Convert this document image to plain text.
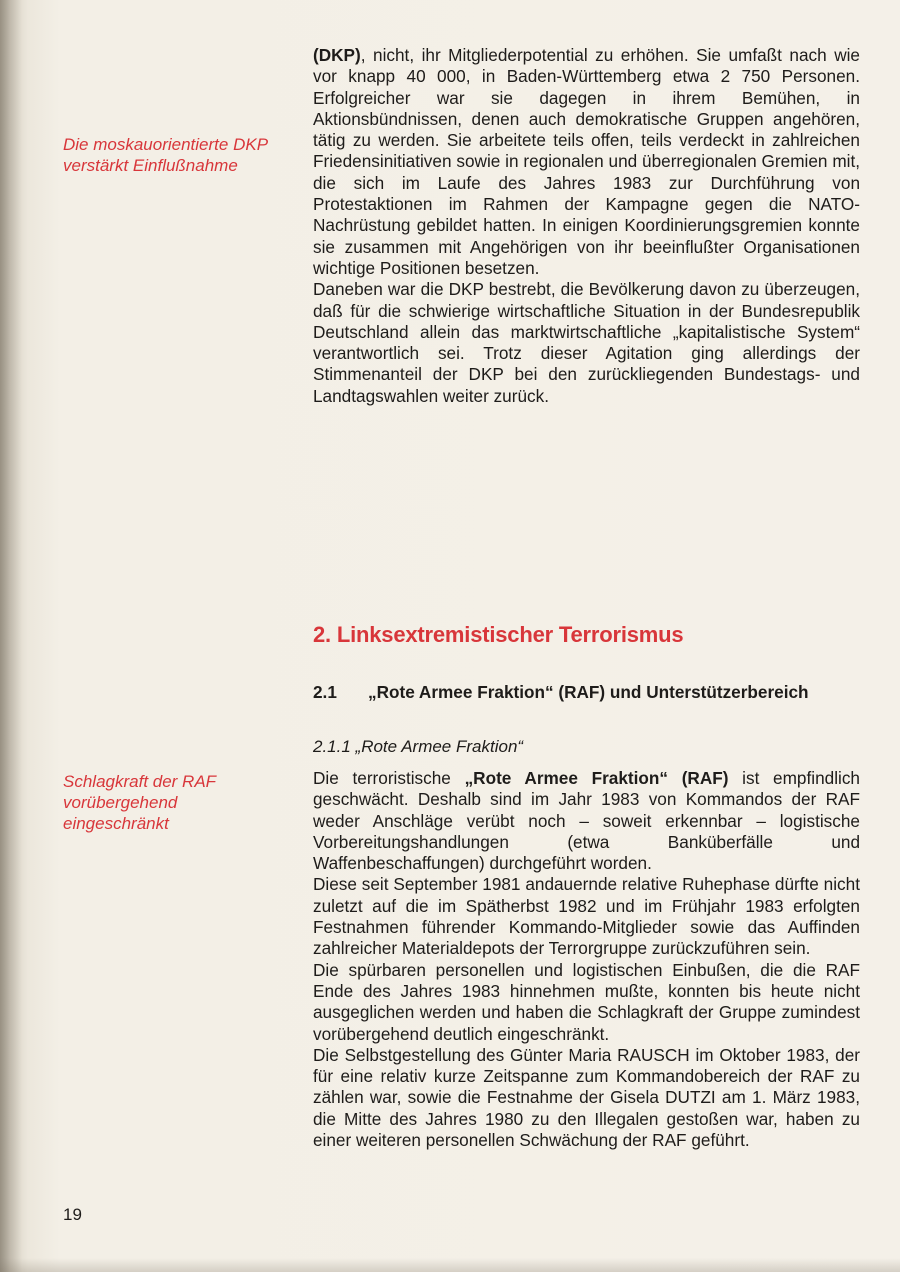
Die moskauorientierte DKP verstärkt Einflußnahme
Schlagkraft der RAF vorübergehend eingeschränkt

(DKP), nicht, ihr Mitgliederpotential zu erhöhen. Sie umfaßt nach wie vor knapp 40 000, in Baden-Württemberg etwa 2 750 Personen. Erfolgreicher war sie dagegen in ihrem Bemühen, in Aktionsbündnissen, denen auch demokratische Gruppen angehören, tätig zu werden. Sie arbeitete teils offen, teils verdeckt in zahlreichen Friedensinitiativen sowie in regionalen und überregionalen Gremien mit, die sich im Laufe des Jahres 1983 zur Durchführung von Protestaktionen im Rahmen der Kampagne gegen die NATO-Nachrüstung gebildet hatten. In einigen Koordinierungsgremien konnte sie zusammen mit Angehörigen von ihr beeinflußter Organisationen wichtige Positionen besetzen.

Daneben war die DKP bestrebt, die Bevölkerung davon zu überzeugen, daß für die schwierige wirtschaftliche Situation in der Bundesrepublik Deutschland allein das marktwirtschaftliche „kapitalistische System“ verantwortlich sei. Trotz dieser Agitation ging allerdings der Stimmenanteil der DKP bei den zurückliegenden Bundestags- und Landtagswahlen weiter zurück.

2. Linksextremistischer Terrorismus
2.1 „Rote Armee Fraktion“ (RAF) und Unterstützerbereich
2.1.1 „Rote Armee Fraktion“

Die terroristische „Rote Armee Fraktion“ (RAF) ist empfindlich geschwächt. Deshalb sind im Jahr 1983 von Kommandos der RAF weder Anschläge verübt noch – soweit erkennbar – logistische Vorbereitungshandlungen (etwa Banküberfälle und Waffenbeschaffungen) durchgeführt worden.

Diese seit September 1981 andauernde relative Ruhephase dürfte nicht zuletzt auf die im Spätherbst 1982 und im Frühjahr 1983 erfolgten Festnahmen führender Kommando-Mitglieder sowie das Auffinden zahlreicher Materialdepots der Terrorgruppe zurückzuführen sein.

Die spürbaren personellen und logistischen Einbußen, die die RAF Ende des Jahres 1983 hinnehmen mußte, konnten bis heute nicht ausgeglichen werden und haben die Schlagkraft der Gruppe zumindest vorübergehend deutlich eingeschränkt.

Die Selbstgestellung des Günter Maria RAUSCH im Oktober 1983, der für eine relativ kurze Zeitspanne zum Kommandobereich der RAF zu zählen war, sowie die Festnahme der Gisela DUTZI am 1. März 1983, die Mitte des Jahres 1980 zu den Illegalen gestoßen war, haben zu einer weiteren personellen Schwächung der RAF geführt.

19
